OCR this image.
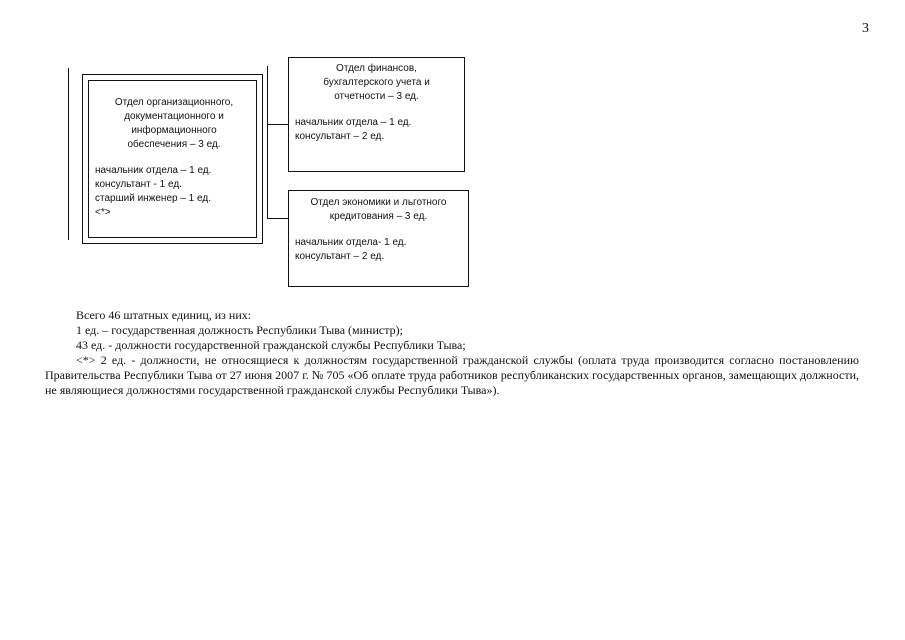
3
Отдел организационного,
документационного и
информационного
обеспечения – 3 ед.
начальник отдела – 1 ед.
консультант - 1 ед.
старший инженер – 1 ед.
<*>
Отдел финансов,
бухгалтерского учета и
отчетности – 3 ед.
начальник отдела – 1 ед.
консультант – 2 ед.
Отдел экономики и льготного
кредитования – 3 ед.
начальник отдела- 1 ед.
консультант – 2 ед.

Всего 46 штатных единиц, из них:

1 ед. – государственная должность Республики Тыва (министр);

43 ед. - должности государственной гражданской службы Республики Тыва;

<*> 2 ед. - должности, не относящиеся к должностям государственной гражданской службы (оплата труда производится согласно постановлению Правительства Республики Тыва от 27 июня 2007 г. № 705 «Об оплате труда работников республиканских государственных органов, замещающих должности, не являющиеся должностями государственной гражданской службы Республики Тыва»).
